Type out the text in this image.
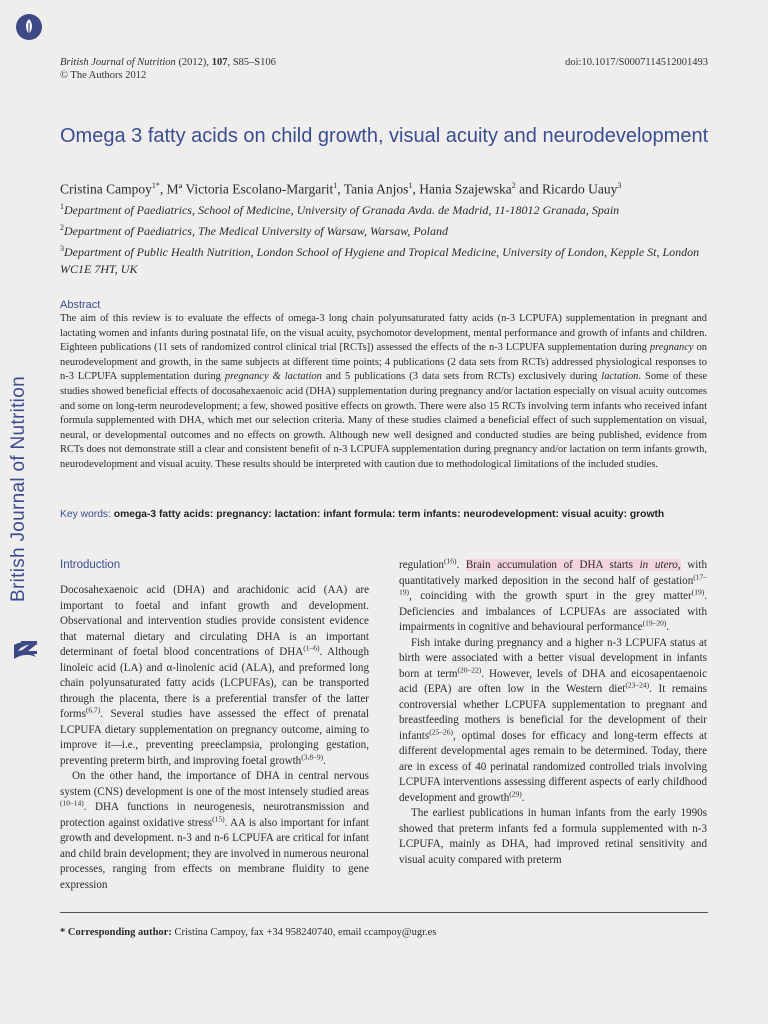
British Journal of Nutrition
British Journal of Nutrition (2012), 107, S85–S106
© The Authors 2012
doi:10.1017/S0007114512001493
Omega 3 fatty acids on child growth, visual acuity and neurodevelopment
Cristina Campoy$^{1*}$, Mª Victoria Escolano-Margarit$^1$, Tania Anjos$^1$, Hania Szajewska$^2$ and Ricardo Uauy$^3$
$^1$Department of Paediatrics, School of Medicine, University of Granada Avda. de Madrid, 11-18012 Granada, Spain
$^2$Department of Paediatrics, The Medical University of Warsaw, Warsaw, Poland
$^3$Department of Public Health Nutrition, London School of Hygiene and Tropical Medicine, University of London, Kepple St, London WC1E 7HT, UK
Abstract
The aim of this review is to evaluate the effects of omega-3 long chain polyunsaturated fatty acids (n-3 LCPUFA) supplementation in pregnant and lactating women and infants during postnatal life, on the visual acuity, psychomotor development, mental performance and growth of infants and children. Eighteen publications (11 sets of randomized control clinical trial [RCTs]) assessed the effects of the n-3 LCPUFA supplementation during pregnancy on neurodevelopment and growth, in the same subjects at different time points; 4 publications (2 data sets from RCTs) addressed physiological responses to n-3 LCPUFA supplementation during pregnancy & lactation and 5 publications (3 data sets from RCTs) exclusively during lactation. Some of these studies showed beneficial effects of docosahexaenoic acid (DHA) supplementation during pregnancy and/or lactation especially on visual acuity outcomes and some on long-term neurodevelopment; a few, showed positive effects on growth. There were also 15 RCTs involving term infants who received infant formula supplemented with DHA, which met our selection criteria. Many of these studies claimed a beneficial effect of such supplementation on visual, neural, or developmental outcomes and no effects on growth. Although new well designed and conducted studies are being published, evidence from RCTs does not demonstrate still a clear and consistent benefit of n-3 LCPUFA supplementation during pregnancy and/or lactation on term infants growth, neurodevelopment and visual acuity. These results should be interpreted with caution due to methodological limitations of the included studies.
Key words: omega-3 fatty acids: pregnancy: lactation: infant formula: term infants: neurodevelopment: visual acuity: growth
Introduction

Docosahexaenoic acid (DHA) and arachidonic acid (AA) are important to foetal and infant growth and development. Observational and intervention studies provide consistent evidence that maternal dietary and circulating DHA is an important determinant of foetal blood concentrations of DHA$^{(1-6)}$. Although linoleic acid (LA) and α-linolenic acid (ALA), and preformed long chain polyunsaturated fatty acids (LCPUFAs), can be transported through the placenta, there is a preferential transfer of the latter forms$^{(6,7)}$. Several studies have assessed the effect of prenatal LCPUFA dietary supplementation on pregnancy outcome, aiming to improve it—i.e., preventing preeclampsia, prolonging gestation, preventing preterm birth, and improving foetal growth$^{(3,8-9)}$.

On the other hand, the importance of DHA in central nervous system (CNS) development is one of the most intensely studied areas $^{(10-14)}$. DHA functions in neurogenesis, neurotransmission and protection against oxidative stress$^{(15)}$. AA is also important for infant growth and development. n-3 and n-6 LCPUFA are critical for infant and child brain development; they are involved in numerous neuronal processes, ranging from effects on membrane fluidity to gene expression

regulation$^{(16)}$. Brain accumulation of DHA starts in utero, with quantitatively marked deposition in the second half of gestation$^{(17-19)}$, coinciding with the growth spurt in the grey matter$^{(19)}$. Deficiencies and imbalances of LCPUFAs are associated with impairments in cognitive and behavioural performance$^{(19-20)}$.

Fish intake during pregnancy and a higher n-3 LCPUFA status at birth were associated with a better visual development in infants born at term$^{(20-22)}$. However, levels of DHA and eicosapentaenoic acid (EPA) are often low in the Western diet$^{(23-24)}$. It remains controversial whether LCPUFA supplementation to pregnant and breastfeeding mothers is beneficial for the development of their infants$^{(25-26)}$, optimal doses for efficacy and long-term effects at different developmental ages remain to be determined. Today, there are in excess of 40 perinatal randomized controlled trials involving LCPUFA interventions assessing different aspects of early childhood development and growth$^{(29)}$.

The earliest publications in human infants from the early 1990s showed that preterm infants fed a formula supplemented with n-3 LCPUFA, mainly as DHA, had improved retinal sensitivity and visual acuity compared with preterm

* Corresponding author: Cristina Campoy, fax +34 958240740, email ccampoy@ugr.es
